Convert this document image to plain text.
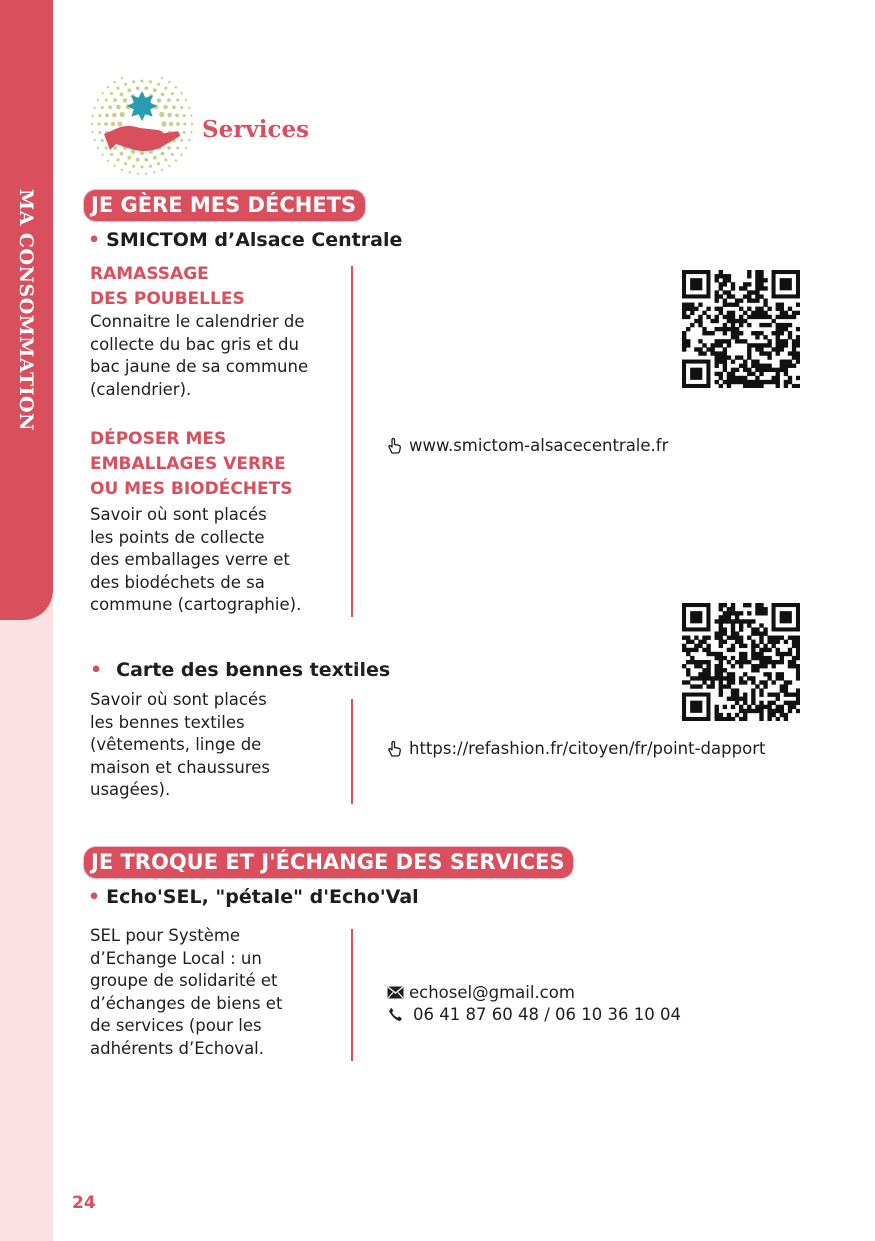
MA CONSOMMATION
Services
JE GÈRE MES DÉCHETS
• SMICTOM d’Alsace Centrale
RAMASSAGE
DES POUBELLES
Connaitre le calendrier de
collecte du bac gris et du
bac jaune de sa commune
(calendrier).
DÉPOSER MES
EMBALLAGES VERRE
OU MES BIODÉCHETS
Savoir où sont placés
les points de collecte
des emballages verre et
des biodéchets de sa
commune (cartographie).
www.smictom-alsacecentrale.fr
• Carte des bennes textiles
Savoir où sont placés
les bennes textiles
(vêtements, linge de
maison et chaussures
usagées).
https://refashion.fr/citoyen/fr/point-dapport
JE TROQUE ET J'ÉCHANGE DES SERVICES
• Echo'SEL, "pétale" d'Echo'Val
SEL pour Système
d’Echange Local : un
groupe de solidarité et
d’échanges de biens et
de services (pour les
adhérents d’Echoval.
echosel@gmail.com
06 41 87 60 48 / 06 10 36 10 04
24
